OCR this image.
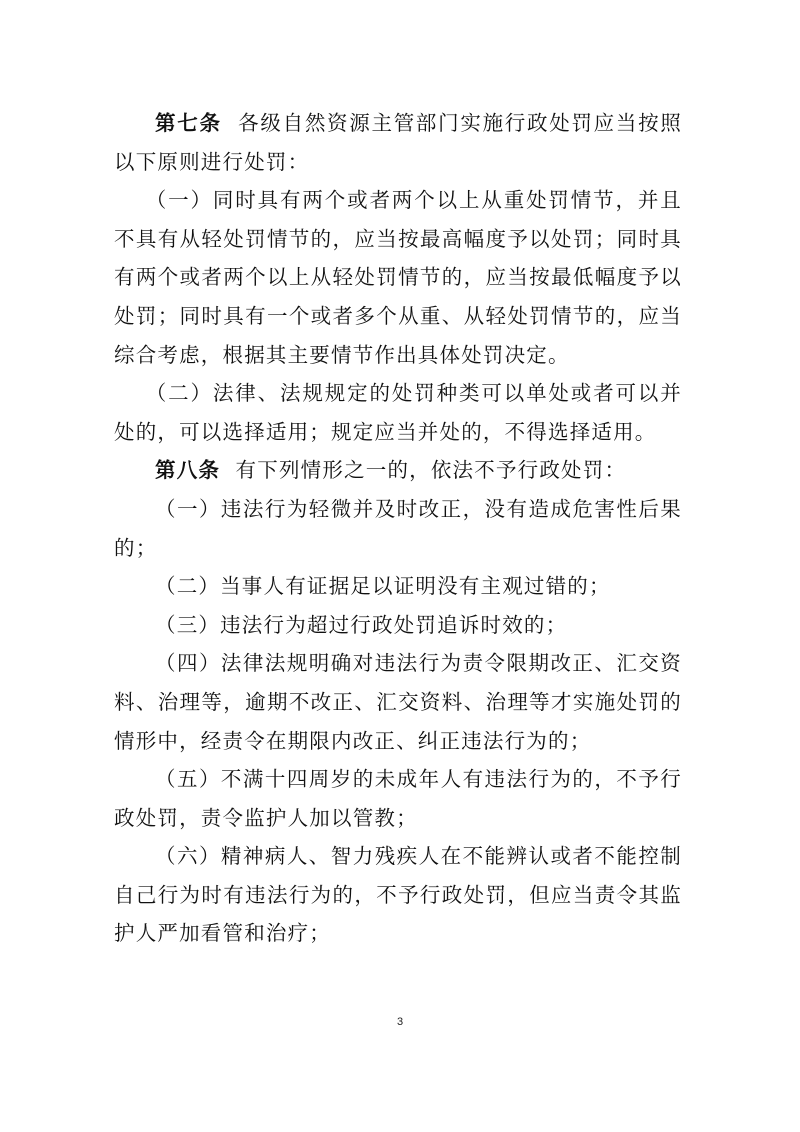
第七条 各级自然资源主管部门实施行政处罚应当按照以下原则进行处罚：

（一）同时具有两个或者两个以上从重处罚情节，并且不具有从轻处罚情节的，应当按最高幅度予以处罚；同时具有两个或者两个以上从轻处罚情节的，应当按最低幅度予以处罚；同时具有一个或者多个从重、从轻处罚情节的，应当综合考虑，根据其主要情节作出具体处罚决定。

（二）法律、法规规定的处罚种类可以单处或者可以并处的，可以选择适用；规定应当并处的，不得选择适用。

第八条 有下列情形之一的，依法不予行政处罚：

（一）违法行为轻微并及时改正，没有造成危害性后果的；

（二）当事人有证据足以证明没有主观过错的；

（三）违法行为超过行政处罚追诉时效的；

（四）法律法规明确对违法行为责令限期改正、汇交资料、治理等，逾期不改正、汇交资料、治理等才实施处罚的情形中，经责令在期限内改正、纠正违法行为的；

（五）不满十四周岁的未成年人有违法行为的，不予行政处罚，责令监护人加以管教；

（六）精神病人、智力残疾人在不能辨认或者不能控制自己行为时有违法行为的，不予行政处罚，但应当责令其监护人严加看管和治疗；

3
